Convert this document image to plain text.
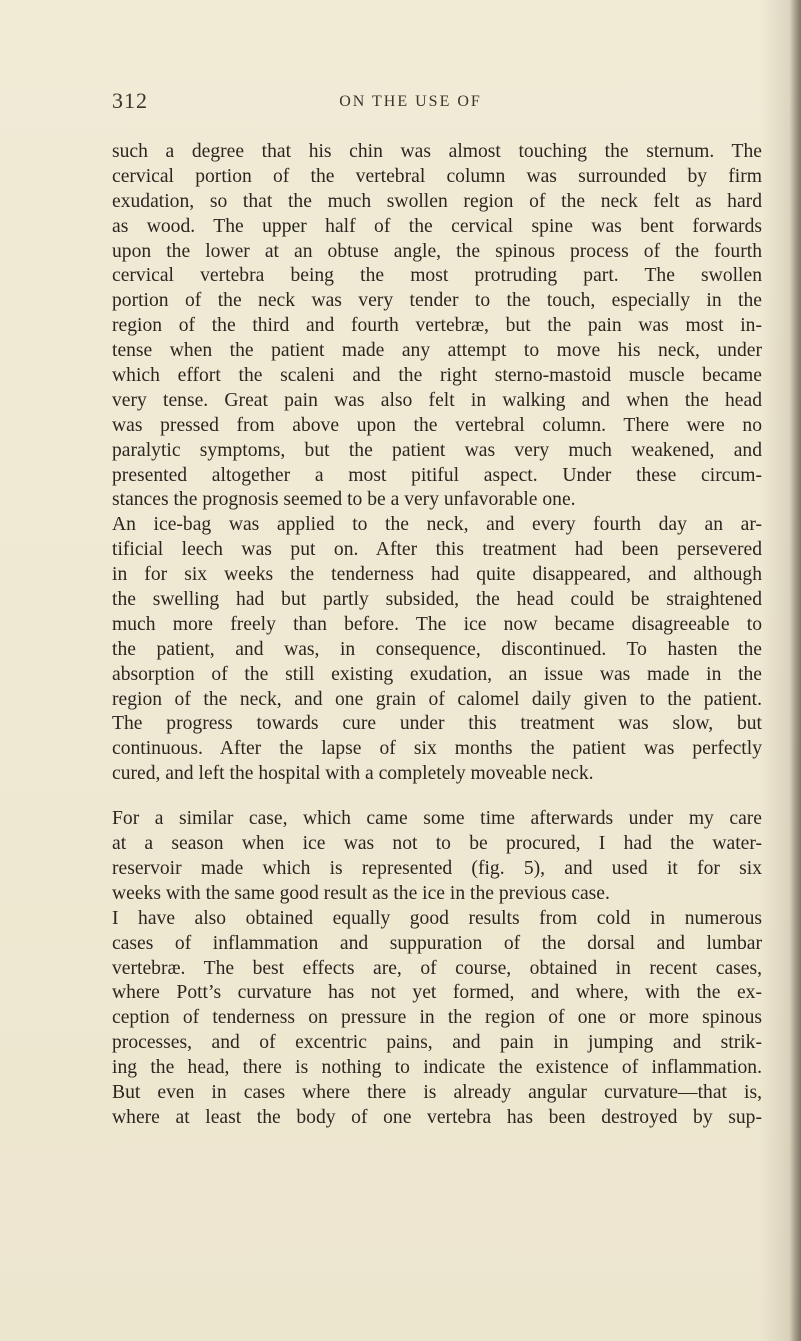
312	ON THE USE OF
such a degree that his chin was almost touching the sternum. The
cervical portion of the vertebral column was surrounded by firm
exudation, so that the much swollen region of the neck felt as hard
as wood. The upper half of the cervical spine was bent forwards
upon the lower at an obtuse angle, the spinous process of the fourth
cervical vertebra being the most protruding part. The swollen
portion of the neck was very tender to the touch, especially in the
region of the third and fourth vertebræ, but the pain was most in-
tense when the patient made any attempt to move his neck, under
which effort the scaleni and the right sterno-mastoid muscle became
very tense. Great pain was also felt in walking and when the head
was pressed from above upon the vertebral column. There were no
paralytic symptoms, but the patient was very much weakened, and
presented altogether a most pitiful aspect. Under these circum-
stances the prognosis seemed to be a very unfavorable one.
An ice-bag was applied to the neck, and every fourth day an ar-
tificial leech was put on. After this treatment had been persevered
in for six weeks the tenderness had quite disappeared, and although
the swelling had but partly subsided, the head could be straightened
much more freely than before. The ice now became disagreeable to
the patient, and was, in consequence, discontinued. To hasten the
absorption of the still existing exudation, an issue was made in the
region of the neck, and one grain of calomel daily given to the patient.
The progress towards cure under this treatment was slow, but
continuous. After the lapse of six months the patient was perfectly
cured, and left the hospital with a completely moveable neck.
For a similar case, which came some time afterwards under my care
at a season when ice was not to be procured, I had the water-
reservoir made which is represented (fig. 5), and used it for six
weeks with the same good result as the ice in the previous case.
I have also obtained equally good results from cold in numerous
cases of inflammation and suppuration of the dorsal and lumbar
vertebræ. The best effects are, of course, obtained in recent cases,
where Pott’s curvature has not yet formed, and where, with the ex-
ception of tenderness on pressure in the region of one or more spinous
processes, and of excentric pains, and pain in jumping and strik-
ing the head, there is nothing to indicate the existence of inflammation.
But even in cases where there is already angular curvature—that is,
where at least the body of one vertebra has been destroyed by sup-
